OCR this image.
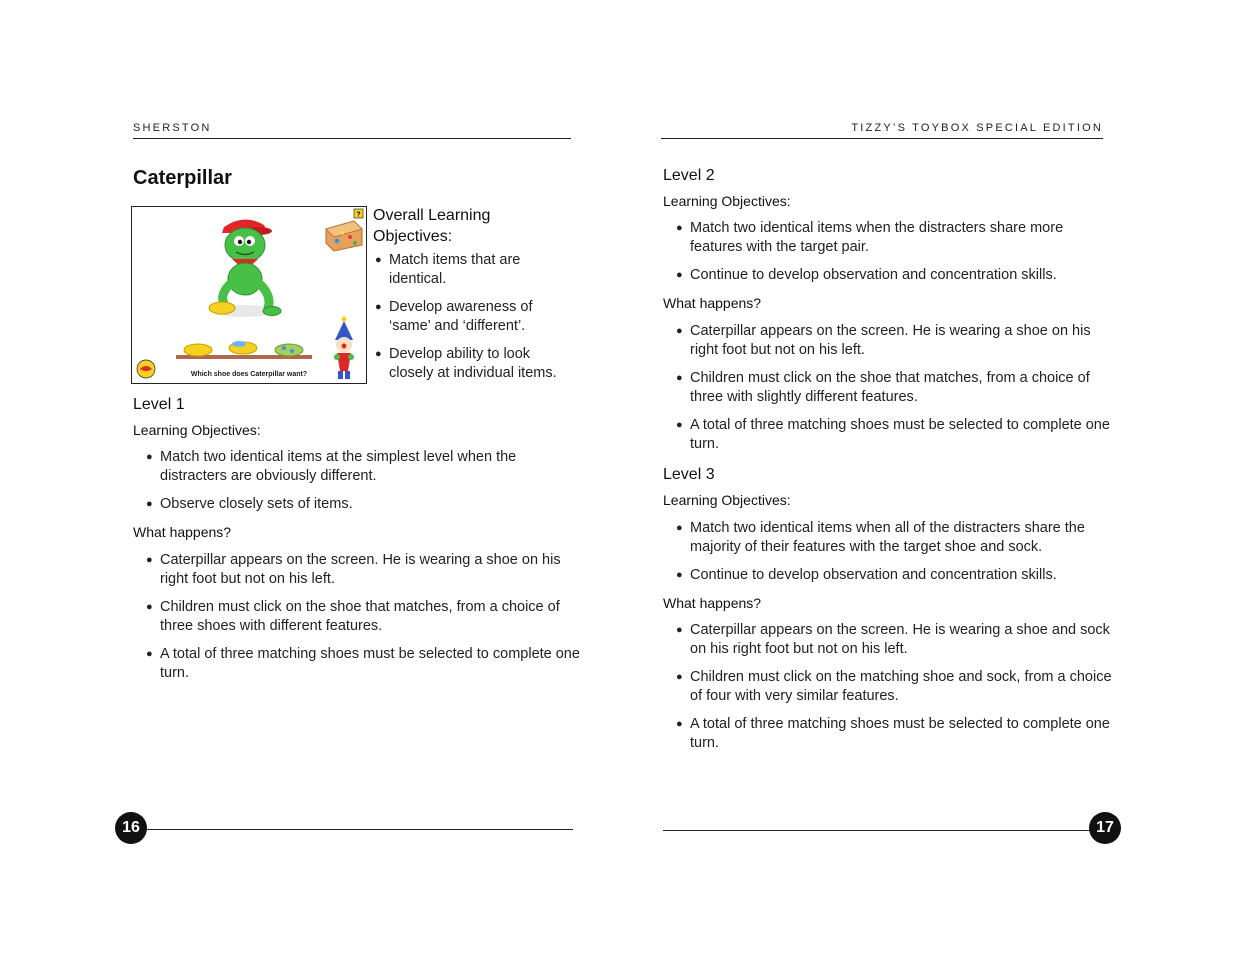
SHERSTON
Caterpillar
?
Which shoe does Caterpillar want?
Overall Learning Objectives:
● Match items that are identical.
● Develop awareness of ‘same’ and ‘different’.
● Develop ability to look closely at individual items.
Level 1
Learning Objectives:
● Match two identical items at the simplest level when the distracters are obviously different.
● Observe closely sets of items.
What happens?
● Caterpillar appears on the screen. He is wearing a shoe on his right foot but not on his left.
● Children must click on the shoe that matches, from a choice of three shoes with different features.
● A total of three matching shoes must be selected to complete one turn.
16
TIZZY’S TOYBOX SPECIAL EDITION
Level 2
Learning Objectives:
● Match two identical items when the distracters share more features with the target pair.
● Continue to develop observation and concentration skills.
What happens?
● Caterpillar appears on the screen. He is wearing a shoe on his right foot but not on his left.
● Children must click on the shoe that matches, from a choice of three with slightly different features.
● A total of three matching shoes must be selected to complete one turn.
Level 3
Learning Objectives:
● Match two identical items when all of the distracters share the majority of their features with the target shoe and sock.
● Continue to develop observation and concentration skills.
What happens?
● Caterpillar appears on the screen. He is wearing a shoe and sock on his right foot but not on his left.
● Children must click on the matching shoe and sock, from a choice of four with very similar features.
● A total of three matching shoes must be selected to complete one turn.
17
